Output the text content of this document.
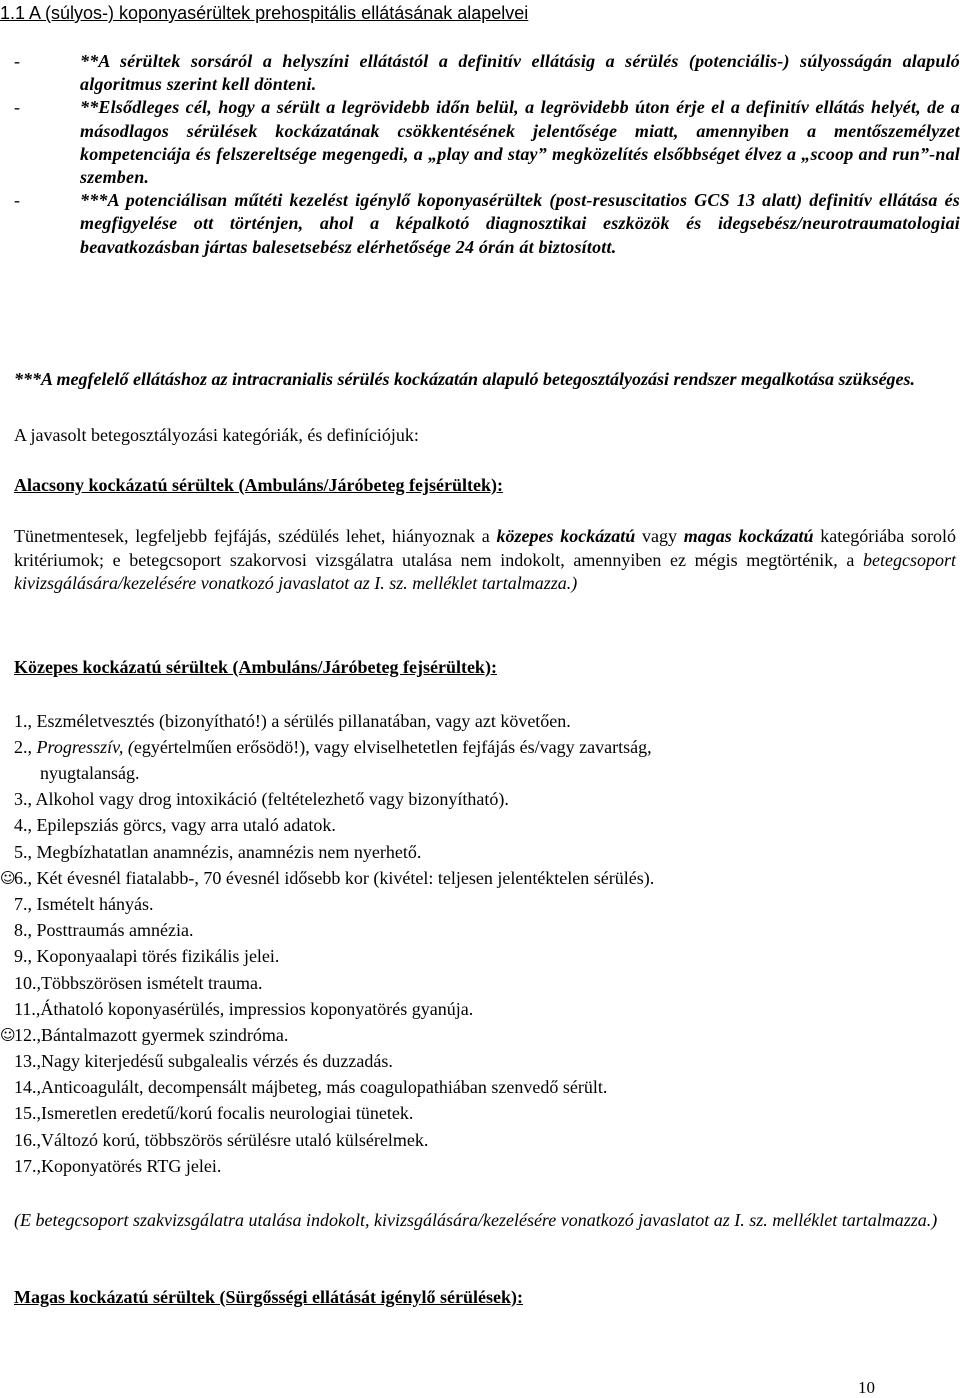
1.1 A (súlyos-) koponyasérültek prehospitális ellátásának alapelvei
-	**A sérültek sorsáról a helyszíni ellátástól a definitív ellátásig a sérülés (potenciális-) súlyosságán alapuló algoritmus szerint kell dönteni.
-	**Elsődleges cél, hogy a sérült a legrövidebb időn belül, a legrövidebb úton érje el a definitív ellátás helyét, de a másodlagos sérülések kockázatának csökkentésének jelentősége miatt, amennyiben a mentőszemélyzet kompetenciája és felszereltsége megengedi, a „play and stay” megközelítés elsőbbséget élvez a „scoop and run”-nal szemben.
-	***A potenciálisan műtéti kezelést igénylő koponyasérültek (post-resuscitatios GCS 13 alatt) definitív ellátása és megfigyelése ott történjen, ahol a képalkotó diagnosztikai eszközök és idegsebész/neurotraumatologiai beavatkozásban jártas balesetsebész elérhetősége 24 órán át biztosított.
***A megfelelő ellátáshoz az intracranialis sérülés kockázatán alapuló betegosztályozási rendszer megalkotása szükséges.
A javasolt betegosztályozási kategóriák, és definíciójuk:
Alacsony kockázatú sérültek (Ambuláns/Járóbeteg fejsérültek):
Tünetmentesek, legfeljebb fejfájás, szédülés lehet, hiányoznak a közepes kockázatú vagy magas kockázatú kategóriába soroló kritériumok; e betegcsoport szakorvosi vizsgálatra utalása nem indokolt, amennyiben ez mégis megtörténik, a betegcsoport kivizsgálására/kezelésére vonatkozó javaslatot az I. sz. melléklet tartalmazza.)
Közepes kockázatú sérültek (Ambuláns/Járóbeteg fejsérültek):
1., Eszméletvesztés (bizonyítható!) a sérülés pillanatában, vagy azt követően.
2., Progresszív, (egyértelműen erősödö!), vagy elviselhetetlen fejfájás és/vagy zavartság,
nyugtalanság.
3., Alkohol vagy drog intoxikáció (feltételezhető vagy bizonyítható).
4., Epilepsziás görcs, vagy arra utaló adatok.
5., Megbízhatatlan anamnézis, anamnézis nem nyerhető.
☺
6., Két évesnél fiatalabb-, 70 évesnél idősebb kor (kivétel: teljesen jelentéktelen sérülés).
7., Ismételt hányás.
8., Posttraumás amnézia.
9., Koponyaalapi törés fizikális jelei.
10.,Többszörösen ismételt trauma.
11.,Áthatoló koponyasérülés, impressios koponyatörés gyanúja.
☺
12.,Bántalmazott gyermek szindróma.
13.,Nagy kiterjedésű subgalealis vérzés és duzzadás.
14.,Anticoagulált, decompensált májbeteg, más coagulopathiában szenvedő sérült.
15.,Ismeretlen eredetű/korú focalis neurologiai tünetek.
16.,Változó korú, többszörös sérülésre utaló külsérelmek.
17.,Koponyatörés RTG jelei.
(E betegcsoport szakvizsgálatra utalása indokolt, kivizsgálására/kezelésére vonatkozó javaslatot az I. sz. melléklet tartalmazza.)
Magas kockázatú sérültek (Sürgősségi ellátását igénylő sérülések):
10
